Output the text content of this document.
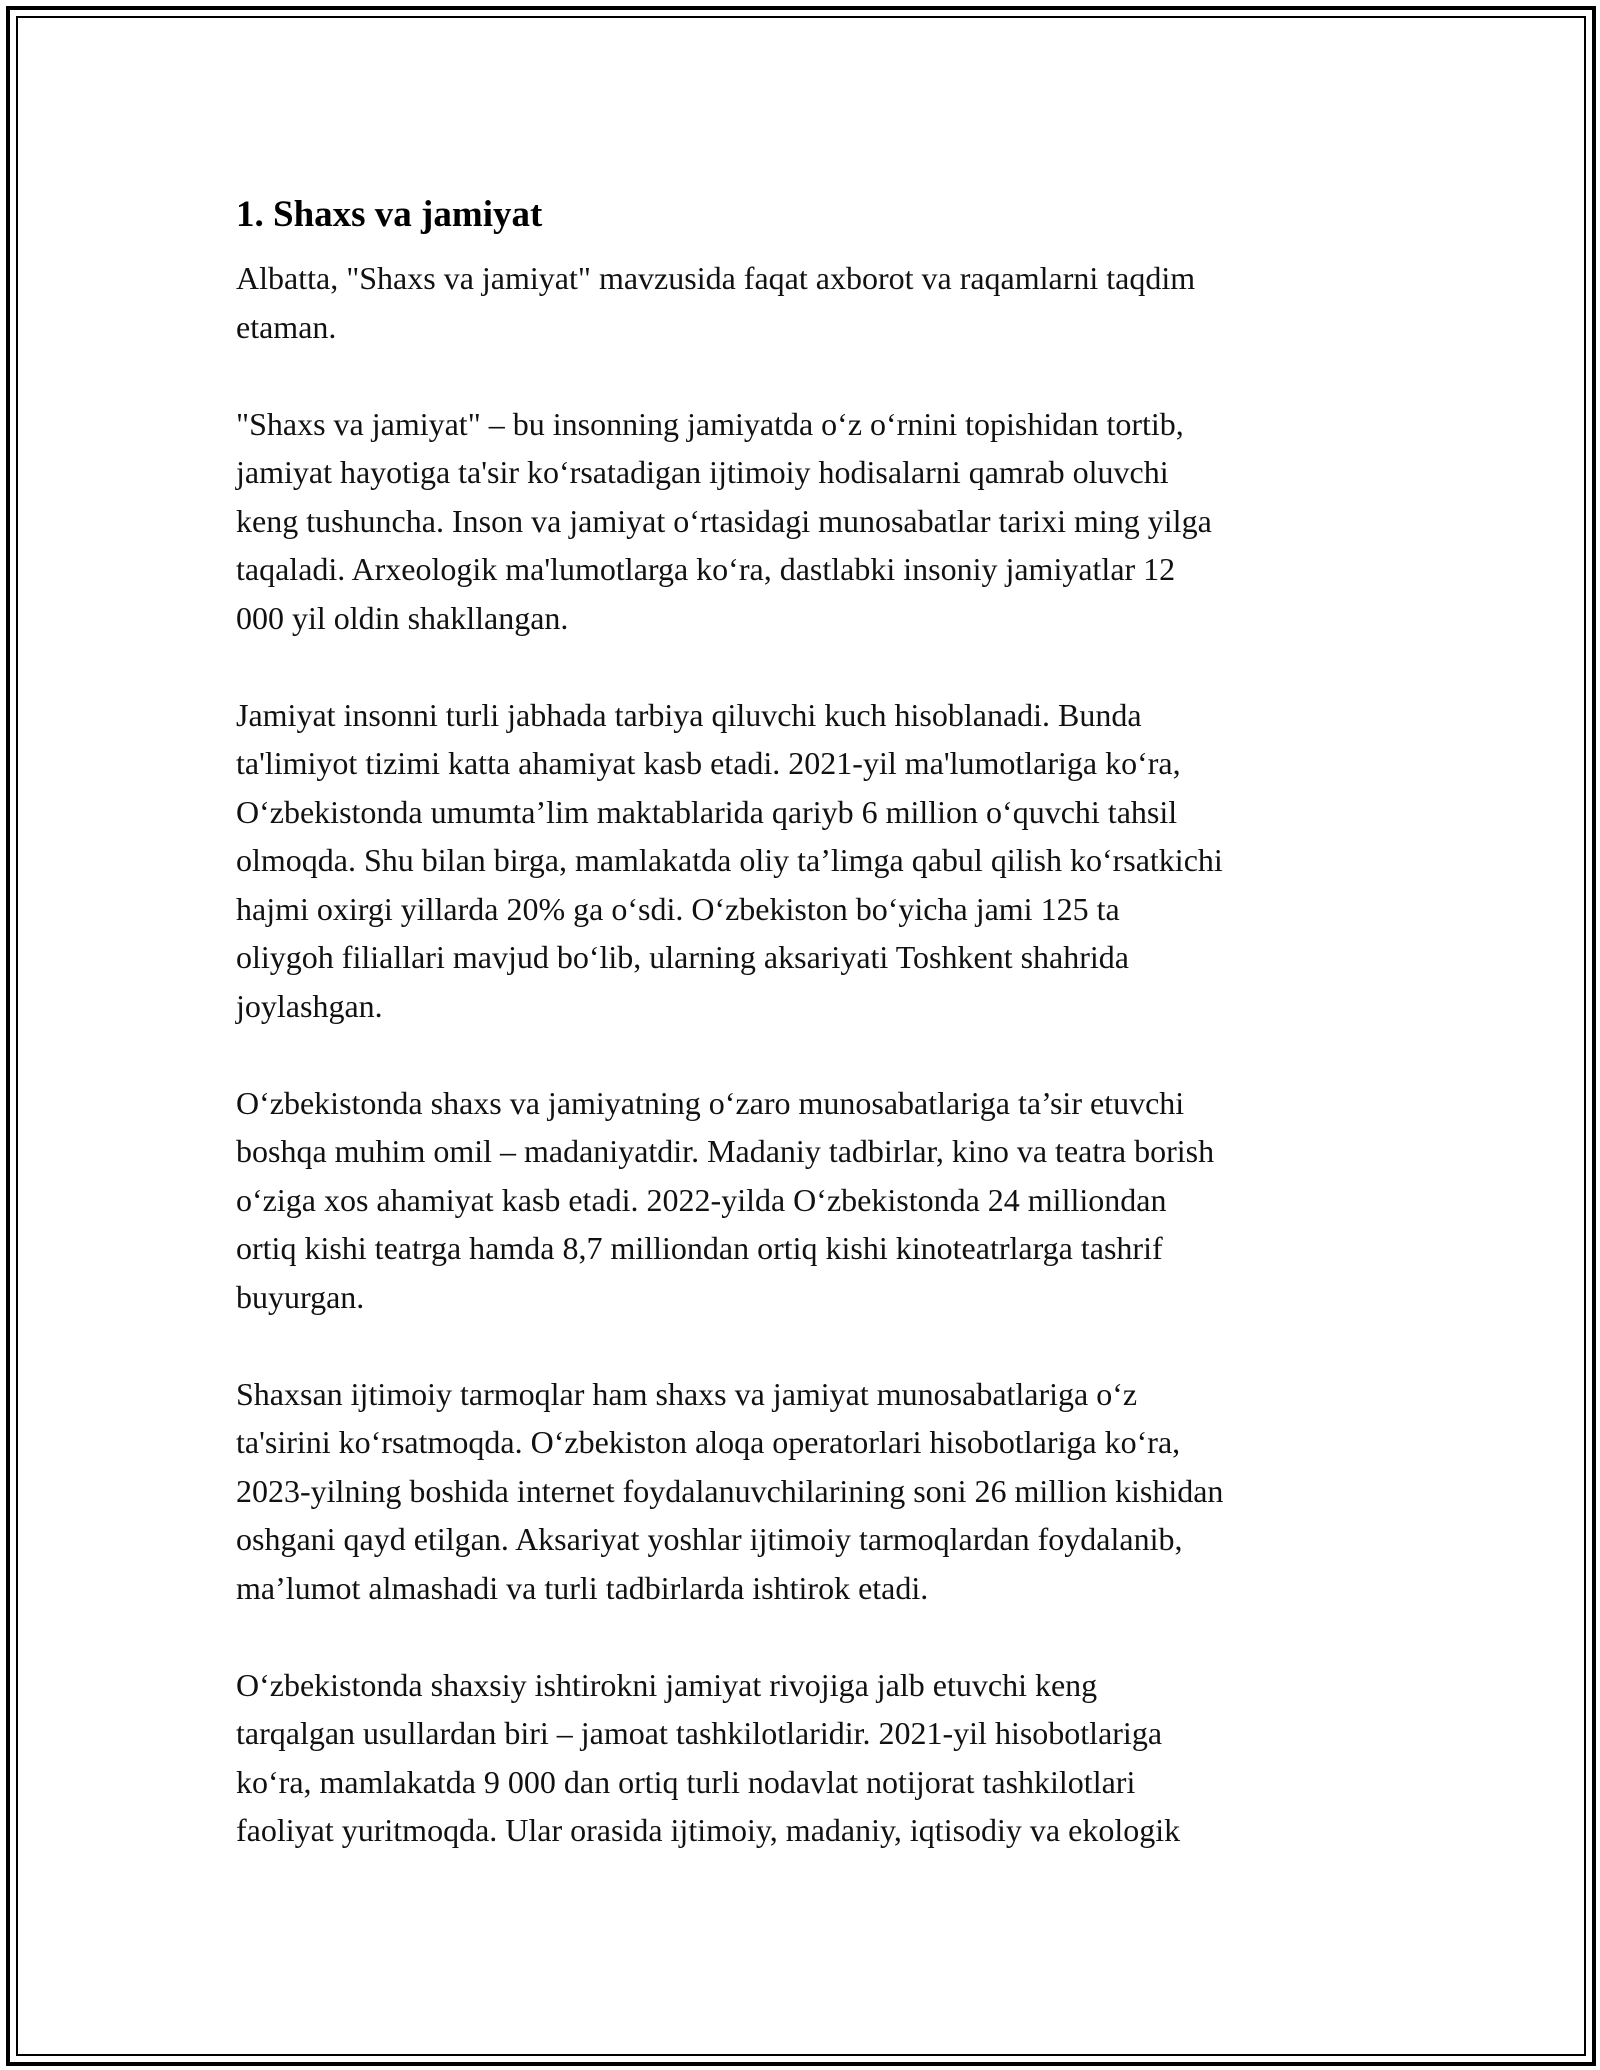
1. Shaxs va jamiyat

Albatta, "Shaxs va jamiyat" mavzusida faqat axborot va raqamlarni taqdim
etaman.

"Shaxs va jamiyat" – bu insonning jamiyatda oʻz oʻrnini topishidan tortib,
jamiyat hayotiga ta'sir koʻrsatadigan ijtimoiy hodisalarni qamrab oluvchi
keng tushuncha. Inson va jamiyat oʻrtasidagi munosabatlar tarixi ming yilga
taqaladi. Arxeologik ma'lumotlarga koʻra, dastlabki insoniy jamiyatlar 12
000 yil oldin shakllangan.

Jamiyat insonni turli jabhada tarbiya qiluvchi kuch hisoblanadi. Bunda
ta'limiyot tizimi katta ahamiyat kasb etadi. 2021-yil ma'lumotlariga koʻra,
Oʻzbekistonda umumta’lim maktablarida qariyb 6 million oʻquvchi tahsil
olmoqda. Shu bilan birga, mamlakatda oliy ta’limga qabul qilish koʻrsatkichi
hajmi oxirgi yillarda 20% ga oʻsdi. Oʻzbekiston boʻyicha jami 125 ta
oliygoh filiallari mavjud boʻlib, ularning aksariyati Toshkent shahrida
joylashgan.

Oʻzbekistonda shaxs va jamiyatning oʻzaro munosabatlariga ta’sir etuvchi
boshqa muhim omil – madaniyatdir. Madaniy tadbirlar, kino va teatra borish
oʻziga xos ahamiyat kasb etadi. 2022-yilda Oʻzbekistonda 24 milliondan
ortiq kishi teatrga hamda 8,7 milliondan ortiq kishi kinoteatrlarga tashrif
buyurgan.

Shaxsan ijtimoiy tarmoqlar ham shaxs va jamiyat munosabatlariga oʻz
ta'sirini koʻrsatmoqda. Oʻzbekiston aloqa operatorlari hisobotlariga koʻra,
2023-yilning boshida internet foydalanuvchilarining soni 26 million kishidan
oshgani qayd etilgan. Aksariyat yoshlar ijtimoiy tarmoqlardan foydalanib,
ma’lumot almashadi va turli tadbirlarda ishtirok etadi.

Oʻzbekistonda shaxsiy ishtirokni jamiyat rivojiga jalb etuvchi keng
tarqalgan usullardan biri – jamoat tashkilotlaridir. 2021-yil hisobotlariga
koʻra, mamlakatda 9 000 dan ortiq turli nodavlat notijorat tashkilotlari
faoliyat yuritmoqda. Ular orasida ijtimoiy, madaniy, iqtisodiy va ekologik
